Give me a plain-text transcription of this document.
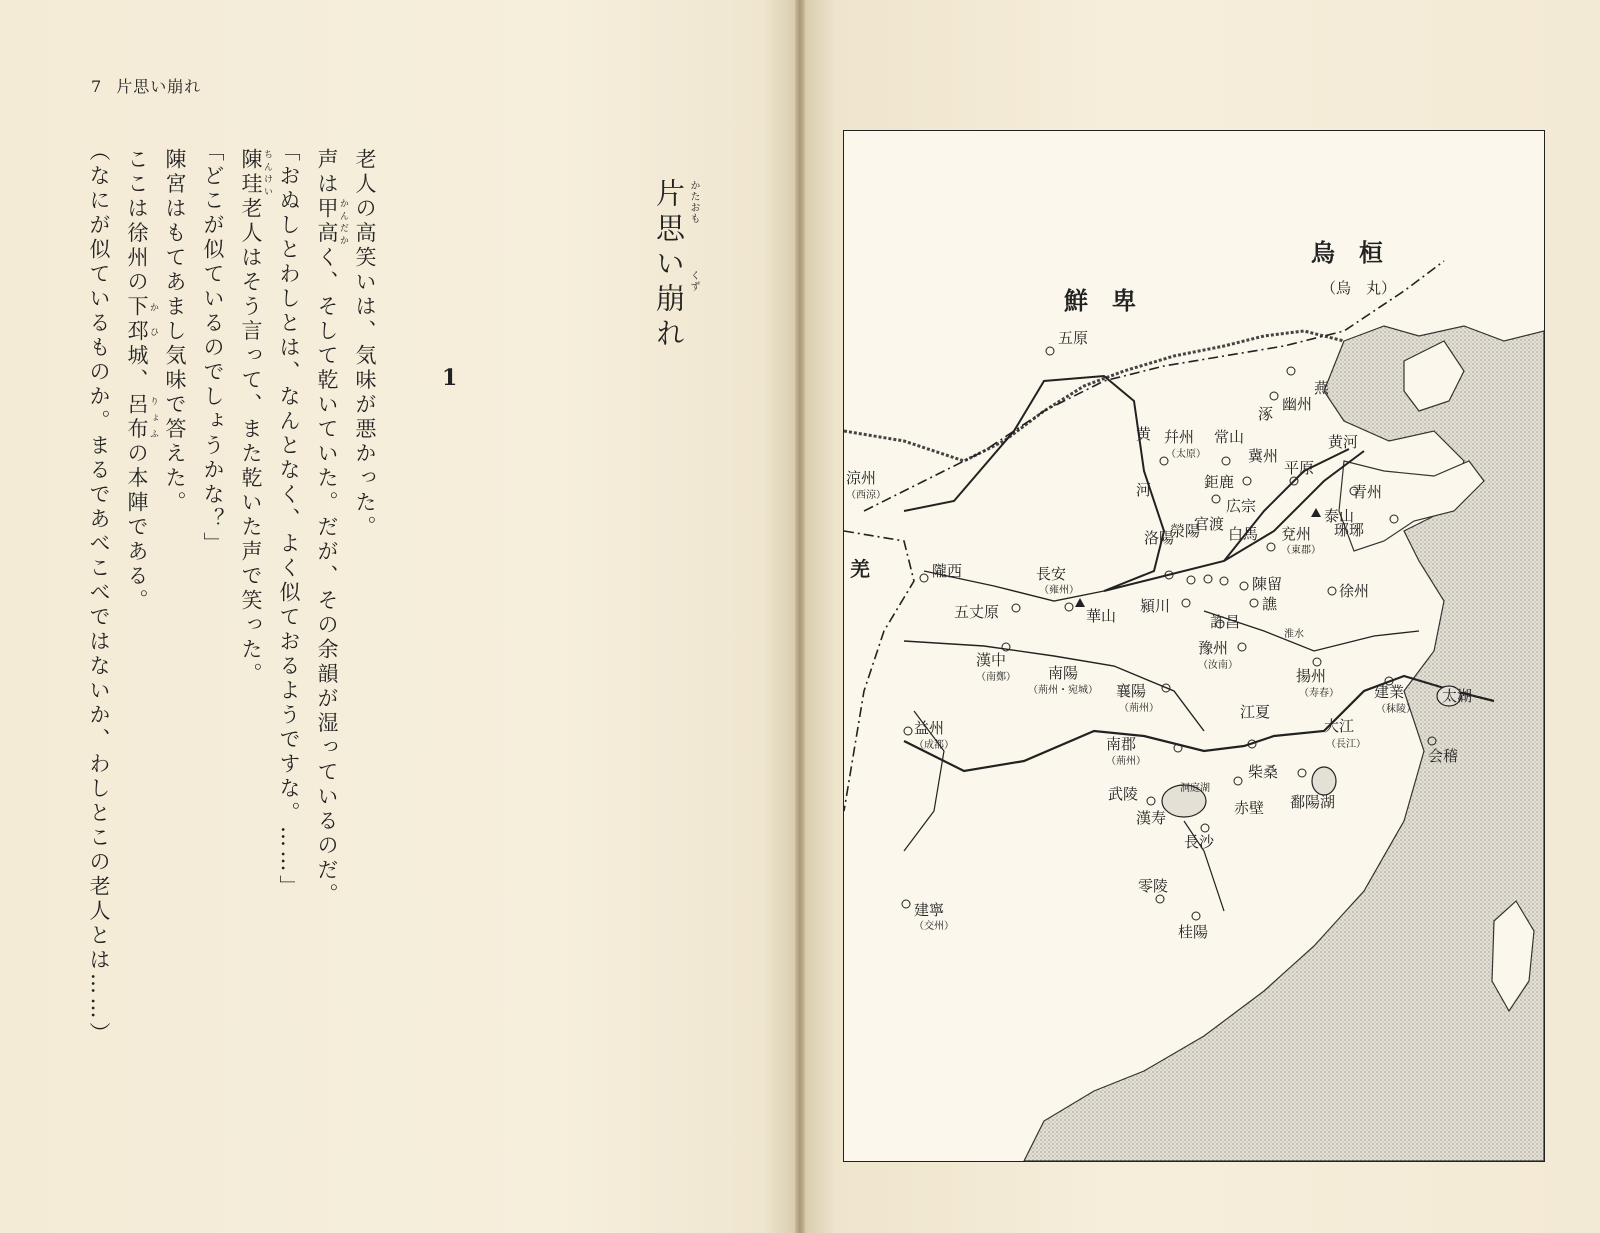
7 片思い崩れ
片思い崩れ かたおも
くず
1
老人の高笑いは、気味が悪かった。
声は甲高 かんだかく、そして乾いていた。だが、その余韻が湿っているのだ。
「おぬしとわしとは、なんとなく、よく似ておるようですな。……」
陳珪 ちんけい老人はそう言って、また乾いた声で笑った。
「どこが似ているのでしょうかな？」
陳宮はもてあまし気味で答えた。
ここは徐州の下邳 かひ城、呂布 りょふの本陣である。
（なにが似ているものか。まるであべこべではないか、わしとこの老人とは……）	烏　桓
（烏　丸）
鮮　卑
羌
五原
燕
幽州
涿
幷州
（太原）
常山
冀州
黄河
黄
河
涼州
（西涼）
鉅鹿
平原
青州
広宗
泰山
白馬
官渡
兗州
（東郡）
琊琊
洛陽
滎陽
隴西	長安
（雍州）	陳留
譙
徐州
五丈原	華山
潁川
許昌
淮水
漢中
（南鄭） 南陽
（荊州・宛城）
豫州
（汝南）
襄陽
（荊州）
揚州
（寿春） 建業
（秣陵）
太湖
益州
（成都）
江夏
大江
（長江）
南郡
（荊州）	会稽
柴桑
武陵	洞庭湖
赤壁 鄱陽湖
漢寿
長沙
零陵
建寧
（交州）	桂陽
